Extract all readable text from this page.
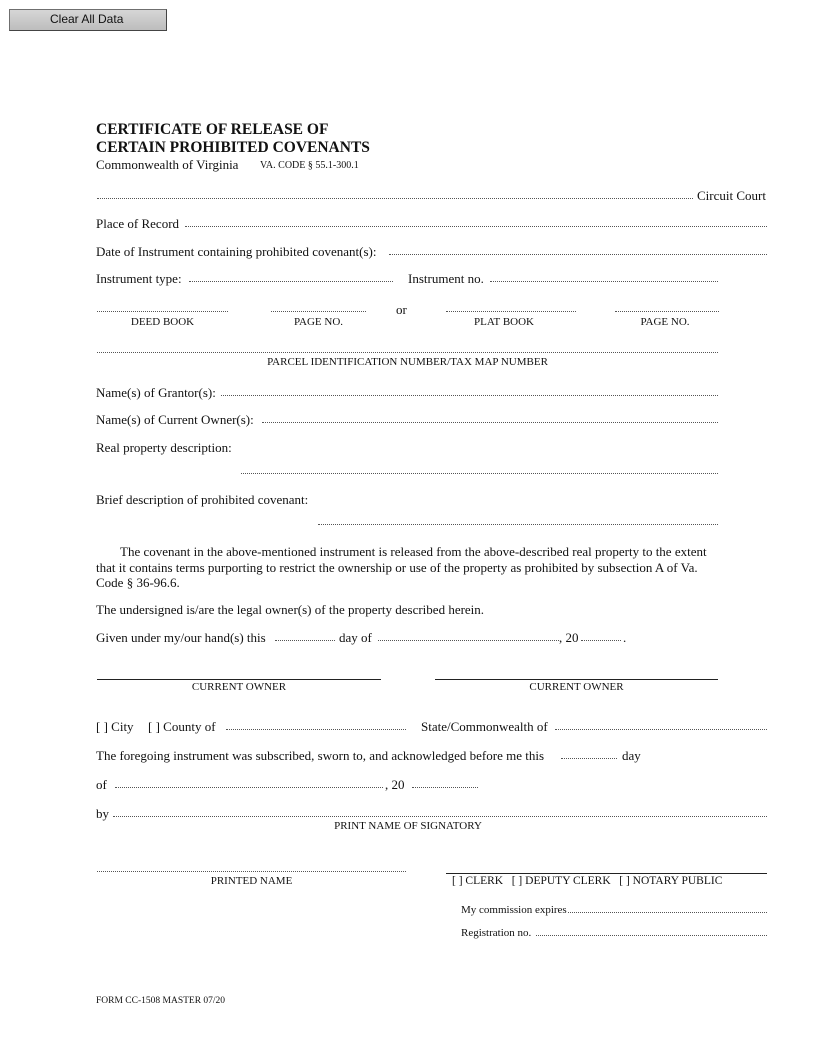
Clear All Data
CERTIFICATE OF RELEASE OF
CERTAIN PROHIBITED COVENANTS
Commonwealth of Virginia VA. CODE § 55.1-300.1
Circuit Court
Place of Record
Date of Instrument containing prohibited covenant(s):
Instrument type:	Instrument no.
or
DEED BOOK	PAGE NO.	PLAT BOOK	PAGE NO.
PARCEL IDENTIFICATION NUMBER/TAX MAP NUMBER
Name(s) of Grantor(s):
Name(s) of Current Owner(s):
Real property description:
Brief description of prohibited covenant:
The covenant in the above-mentioned instrument is released from the above-described real property to the extent that it contains terms purporting to restrict the ownership or use of the property as prohibited by subsection A of Va. Code § 36-96.6.
The undersigned is/are the legal owner(s) of the property described herein.
Given under my/our hand(s) this	day of	, 20	.
CURRENT OWNER	CURRENT OWNER
[ ] City [ ] County of	State/Commonwealth of
The foregoing instrument was subscribed, sworn to, and acknowledged before me this	day
of	, 20
by
PRINT NAME OF SIGNATORY
PRINTED NAME	[ ] CLERK   [ ] DEPUTY CLERK   [ ] NOTARY PUBLIC
My commission expires
Registration no.
FORM CC-1508 MASTER 07/20
